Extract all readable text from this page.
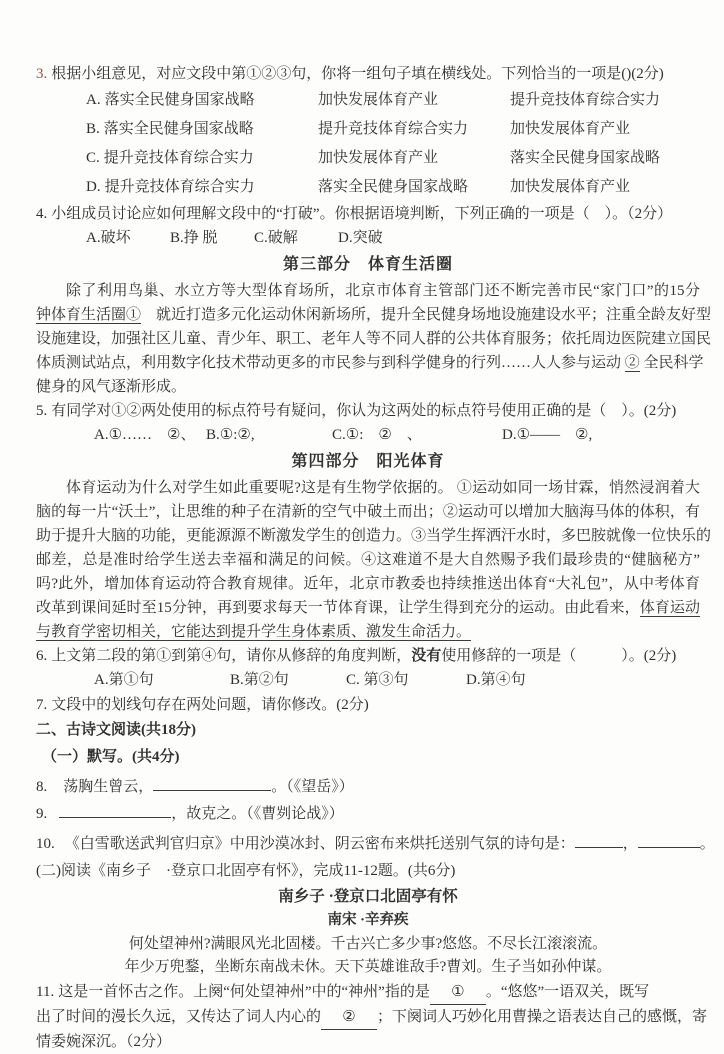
3. 根据小组意见，对应文段中第①②③句，你将一组句子填在横线处。下列恰当的一项是()(2分)
A. 落实全民健身国家战略	加快发展体育产业	提升竞技体育综合实力
B. 落实全民健身国家战略	提升竞技体育综合实力	加快发展体育产业
C. 提升竞技体育综合实力	加快发展体育产业	落实全民健身国家战略
D. 提升竞技体育综合实力	落实全民健身国家战略	加快发展体育产业
4. 小组成员讨论应如何理解文段中的“打破”。你根据语境判断，下列正确的一项是（　）。（2分）
A.破坏	B.挣 脱	C.破解	D.突破
第三部分　体育生活圈
除了利用鸟巢、水立方等大型体育场所，北京市体育主管部门还不断完善市民“家门口”的15分
钟体育生活圈①　就近打造多元化运动休闲新场所，提升全民健身场地设施建设水平；注重全龄友好型
设施建设，加强社区儿童、青少年、职工、老年人等不同人群的公共体育服务；依托周边医院建立国民
体质测试站点，利用数字化技术带动更多的市民参与到科学健身的行列……人人参与运动 ② 全民科学
健身的风气逐渐形成。
5. 有同学对①②两处使用的标点符号有疑问，你认为这两处的标点符号使用正确的是（　）。(2分)
A.①……　②、 B.①:②,	C.①:　②　、	D.①——　②,
第四部分　阳光体育
体育运动为什么对学生如此重要呢?这是有生物学依据的。 ①运动如同一场甘霖，悄然浸润着大
脑的每一片“沃土”，让思维的种子在清新的空气中破土而出；②运动可以增加大脑海马体的体积，有
助于提升大脑的功能，更能源源不断激发学生的创造力。③当学生挥洒汗水时，多巴胺就像一位快乐的
邮差，总是准时给学生送去幸福和满足的问候。④这难道不是大自然赐予我们最珍贵的“健脑秘方”
吗?此外，增加体育运动符合教育规律。近年，北京市教委也持续推送出体育“大礼包”，从中考体育
改革到课间延时至15分钟，再到要求每天一节体育课，让学生得到充分的运动。由此看来，体育运动
与教育学密切相关，它能达到提升学生身体素质、激发生命活力。
6. 上文第二段的第①到第④句，请你从修辞的角度判断，没有使用修辞的一项是（　　　）。(2分)
A.第①句	B.第②句	C. 第③句	D.第④句
7. 文段中的划线句存在两处问题，请你修改。(2分)
二、古诗文阅读(共18分)
（一）默写。(共4分)
8. 荡胸生曾云，	。（《望岳》）
9.	，故克之。（《曹刿论战》）
10. 《白雪歌送武判官归京》中用沙漠冰封、阴云密布来烘托送别气氛的诗句是：	，	。
(二)阅读《南乡子　·登京口北固亭有怀》，完成11-12题。(共6分)
南乡子 ·登京口北固亭有怀
南宋 ·辛弃疾
何处望神州?满眼风光北固楼。千古兴亡多少事?悠悠。不尽长江滚滚流。
年少万兜鍪，坐断东南战未休。天下英雄谁敌手?曹刘。生子当如孙仲谋。
11. 这是一首怀古之作。上阕“何处望神州”中的“神州”指的是 ① 。“悠悠”一语双关，既写
出了时间的漫长久远，又传达了词人内心的 ② ；下阕词人巧妙化用曹操之语表达自己的感慨，寄
情委婉深沉。（2分）
